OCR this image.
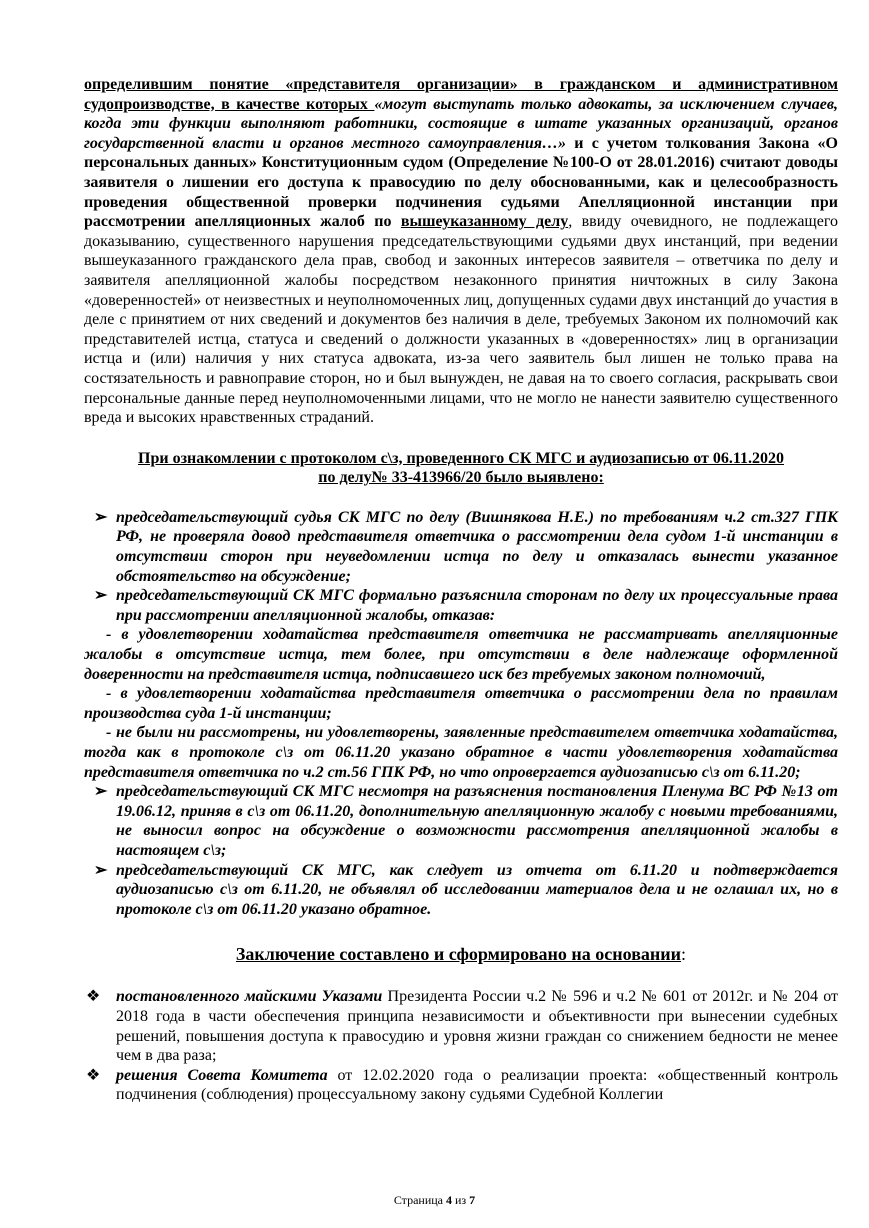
определившим понятие «представителя организации» в гражданском и административном судопроизводстве, в качестве которых «могут выступать только адвокаты, за исключением случаев, когда эти функции выполняют работники, состоящие в штате указанных организаций, органов государственной власти и органов местного самоуправления…» и с учетом толкования Закона «О персональных данных» Конституционным судом (Определение №100-О от 28.01.2016) считают доводы заявителя о лишении его доступа к правосудию по делу обоснованными, как и целесообразность проведения общественной проверки подчинения судьями Апелляционной инстанции при рассмотрении апелляционных жалоб по вышеуказанному делу, ввиду очевидного, не подлежащего доказыванию, существенного нарушения председательствующими судьями двух инстанций, при ведении вышеуказанного гражданского дела прав, свобод и законных интересов заявителя – ответчика по делу и заявителя апелляционной жалобы посредством незаконного принятия ничтожных в силу Закона «доверенностей» от неизвестных и неуполномоченных лиц, допущенных судами двух инстанций до участия в деле с принятием от них сведений и документов без наличия в деле, требуемых Законом их полномочий как представителей истца, статуса и сведений о должности указанных в «доверенностях» лиц в организации истца и (или) наличия у них статуса адвоката, из-за чего заявитель был лишен не только права на состязательность и равноправие сторон, но и был вынужден, не давая на то своего согласия, раскрывать свои персональные данные перед неуполномоченными лицами, что не могло не нанести заявителю существенного вреда и высоких нравственных страданий.

При ознакомлении с протоколом с\з, проведенного СК МГС и аудиозаписью от 06.11.2020
по делу№ 33-413966/20 было выявлено:
➢ председательствующий судья СК МГС по делу (Вишнякова Н.Е.) по требованиям ч.2 ст.327 ГПК РФ, не проверяла довод представителя ответчика о рассмотрении дела судом 1-й инстанции в отсутствии сторон при неуведомлении истца по делу и отказалась вынести указанное обстоятельство на обсуждение;
➢ председательствующий СК МГС формально разъяснила сторонам по делу их процессуальные права при рассмотрении апелляционной жалобы, отказав:

- в удовлетворении ходатайства представителя ответчика не рассматривать апелляционные жалобы в отсутствие истца, тем более, при отсутствии в деле надлежаще оформленной доверенности на представителя истца, подписавшего иск без требуемых законом полномочий,

- в удовлетворении ходатайства представителя ответчика о рассмотрении дела по правилам производства суда 1-й инстанции;

- не были ни рассмотрены, ни удовлетворены, заявленные представителем ответчика ходатайства, тогда как в протоколе с\з от 06.11.20 указано обратное в части удовлетворения ходатайства представителя ответчика по ч.2 ст.56 ГПК РФ, но что опровергается аудиозаписью с\з от 6.11.20;

➢ председательствующий СК МГС несмотря на разъяснения постановления Пленума ВС РФ №13 от 19.06.12, приняв в с\з от 06.11.20, дополнительную апелляционную жалобу с новыми требованиями, не выносил вопрос на обсуждение о возможности рассмотрения апелляционной жалобы в настоящем с\з;
➢ председательствующий СК МГС, как следует из отчета от 6.11.20 и подтверждается аудиозаписью с\з от 6.11.20, не объявлял об исследовании материалов дела и не оглашал их, но в протоколе с\з от 06.11.20 указано обратное.
Заключение составлено и сформировано на основании:
❖ постановленного майскими Указами Президента России ч.2 № 596 и ч.2 № 601 от 2012г. и № 204 от 2018 года в части обеспечения принципа независимости и объективности при вынесении судебных решений, повышения доступа к правосудию и уровня жизни граждан со снижением бедности не менее чем в два раза;
❖ решения Совета Комитета от 12.02.2020 года о реализации проекта: «общественный контроль подчинения (соблюдения) процессуальному закону судьями Судебной Коллегии
Страница 4 из 7
